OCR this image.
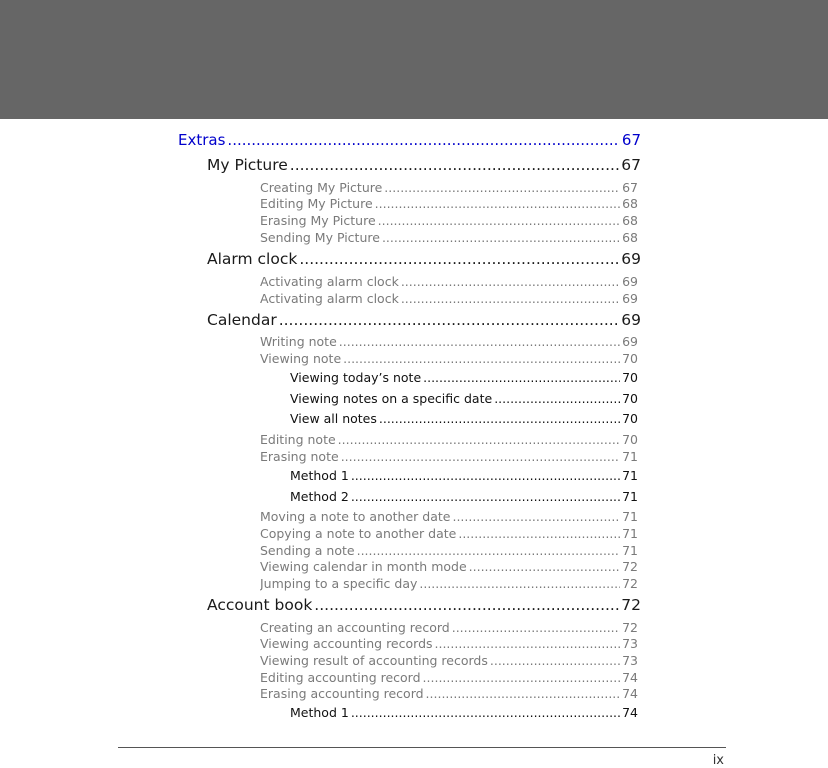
Extras .....	67
My Picture .....	67
Creating My Picture .....	67
Editing My Picture .....	68
Erasing My Picture .....	68
Sending My Picture .....	68
Alarm clock .....	69
Activating alarm clock .....	69
Activating alarm clock .....	69
Calendar .....	69
Writing note .....	69
Viewing note .....	70
Viewing today’s note .....	70
Viewing notes on a specific date .....	70
View all notes .....	70
Editing note .....	70
Erasing note .....	71
Method 1 .....	71
Method 2 .....	71
Moving a note to another date .....	71
Copying a note to another date .....	71
Sending a note .....	71
Viewing calendar in month mode .....	72
Jumping to a specific day .....	72
Account book .....	72
Creating an accounting record .....	72
Viewing accounting records .....	73
Viewing result of accounting records .....	73
Editing accounting record .....	74
Erasing accounting record .....	74
Method 1 .....	74
ix
